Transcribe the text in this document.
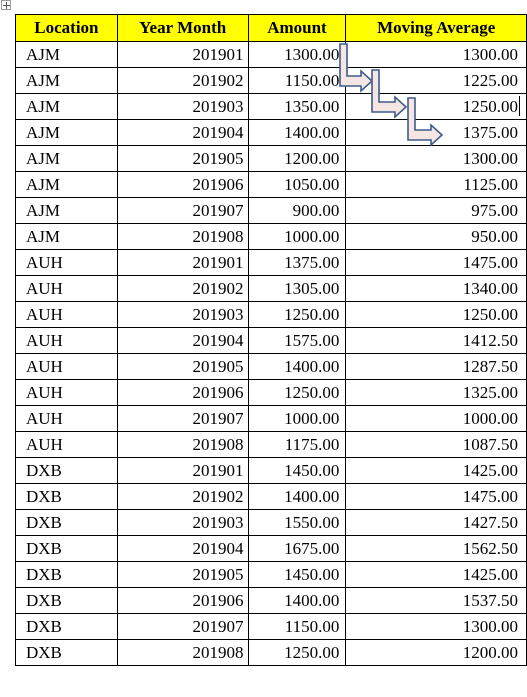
Location	Year Month	Amount	Moving Average
AJM	201901	1300.00	1300.00
AJM	201902	1150.00	1225.00
AJM	201903	1350.00	1250.00
AJM	201904	1400.00	1375.00
AJM	201905	1200.00	1300.00
AJM	201906	1050.00	1125.00
AJM	201907	900.00	975.00
AJM	201908	1000.00	950.00
AUH	201901	1375.00	1475.00
AUH	201902	1305.00	1340.00
AUH	201903	1250.00	1250.00
AUH	201904	1575.00	1412.50
AUH	201905	1400.00	1287.50
AUH	201906	1250.00	1325.00
AUH	201907	1000.00	1000.00
AUH	201908	1175.00	1087.50
DXB	201901	1450.00	1425.00
DXB	201902	1400.00	1475.00
DXB	201903	1550.00	1427.50
DXB	201904	1675.00	1562.50
DXB	201905	1450.00	1425.00
DXB	201906	1400.00	1537.50
DXB	201907	1150.00	1300.00
DXB	201908	1250.00	1200.00
